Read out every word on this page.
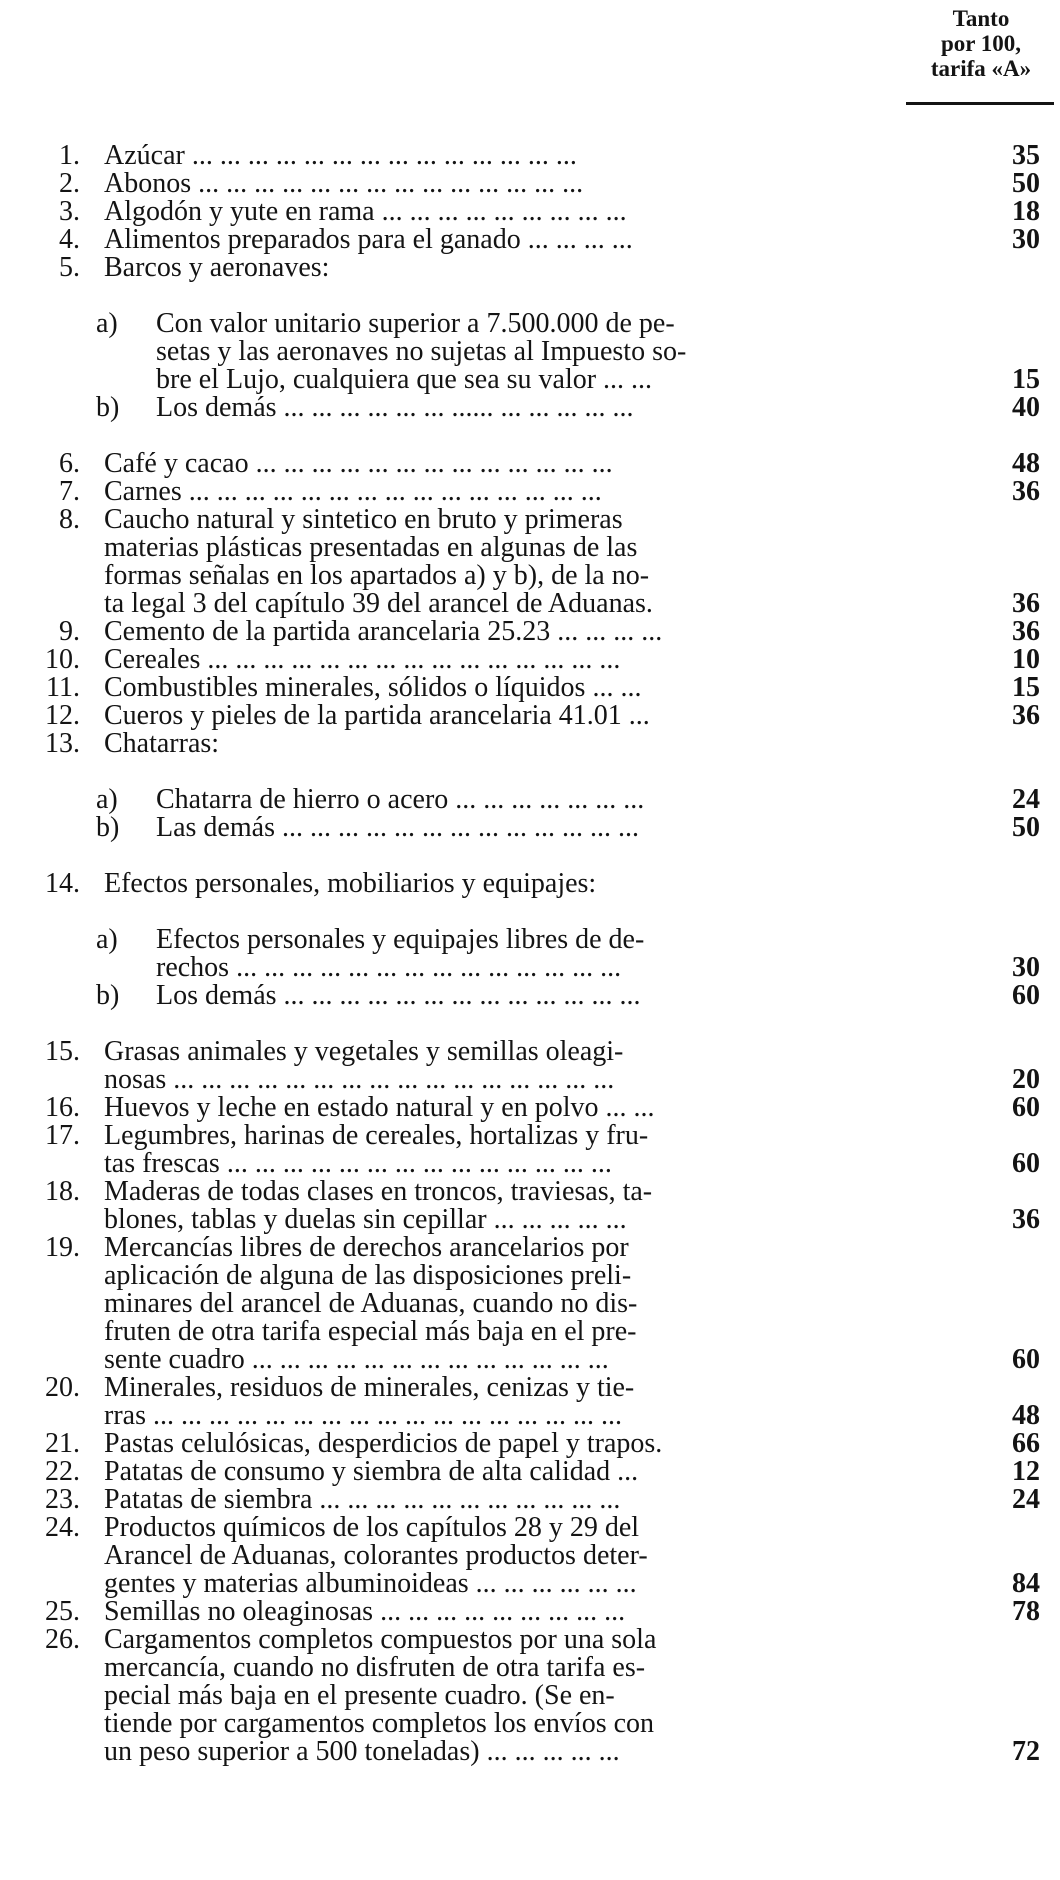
Tanto
por 100,
tarifa «A»
1. Azúcar ... ... ... ... ... ... ... ... ... ... ... ... ... ...	35
2. Abonos ... ... ... ... ... ... ... ... ... ... ... ... ... ...	50
3. Algodón y yute en rama ... ... ... ... ... ... ... ... ...	18
4. Alimentos preparados para el ganado ... ... ... ...	30
5. Barcos y aeronaves:
a)	Con valor unitario superior a 7.500.000 de pe-
setas y las aeronaves no sujetas al Impuesto so-
bre el Lujo, cualquiera que sea su valor ... ...	15
b)	Los demás ... ... ... ... ... ... ...... ... ... ... ... ...	40
6. Café y cacao ... ... ... ... ... ... ... ... ... ... ... ... ...	48
7. Carnes ... ... ... ... ... ... ... ... ... ... ... ... ... ... ...	36
8. Caucho natural y sintetico en bruto y primeras
materias plásticas presentadas en algunas de las
formas señalas en los apartados a) y b), de la no-
ta legal 3 del capítulo 39 del arancel de Aduanas.	36
9. Cemento de la partida arancelaria 25.23 ... ... ... ...	36
10. Cereales ... ... ... ... ... ... ... ... ... ... ... ... ... ... ...	10
11. Combustibles minerales, sólidos o líquidos ... ...	15
12. Cueros y pieles de la partida arancelaria 41.01 ...	36
13. Chatarras:
a)	Chatarra de hierro o acero ... ... ... ... ... ... ...	24
b)	Las demás ... ... ... ... ... ... ... ... ... ... ... ... ...	50
14. Efectos personales, mobiliarios y equipajes:
a)	Efectos personales y equipajes libres de de-
rechos ... ... ... ... ... ... ... ... ... ... ... ... ... ...	30
b)	Los demás ... ... ... ... ... ... ... ... ... ... ... ... ...	60
15. Grasas animales y vegetales y semillas oleagi-
nosas ... ... ... ... ... ... ... ... ... ... ... ... ... ... ... ...	20
16. Huevos y leche en estado natural y en polvo ... ...	60
17. Legumbres, harinas de cereales, hortalizas y fru-
tas frescas ... ... ... ... ... ... ... ... ... ... ... ... ... ...	60
18. Maderas de todas clases en troncos, traviesas, ta-
blones, tablas y duelas sin cepillar ... ... ... ... ...	36
19. Mercancías libres de derechos arancelarios por
aplicación de alguna de las disposiciones preli-
minares del arancel de Aduanas, cuando no dis-
fruten de otra tarifa especial más baja en el pre-
sente cuadro ... ... ... ... ... ... ... ... ... ... ... ... ...	60
20. Minerales, residuos de minerales, cenizas y tie-
rras ... ... ... ... ... ... ... ... ... ... ... ... ... ... ... ... ...	48
21. Pastas celulósicas, desperdicios de papel y trapos.	66
22. Patatas de consumo y siembra de alta calidad ...	12
23. Patatas de siembra ... ... ... ... ... ... ... ... ... ... ...	24
24. Productos químicos de los capítulos 28 y 29 del
Arancel de Aduanas, colorantes productos deter-
gentes y materias albuminoideas ... ... ... ... ... ...	84
25. Semillas no oleaginosas ... ... ... ... ... ... ... ... ...	78
26. Cargamentos completos compuestos por una sola
mercancía, cuando no disfruten de otra tarifa es-
pecial más baja en el presente cuadro. (Se en-
tiende por cargamentos completos los envíos con
un peso superior a 500 toneladas) ... ... ... ... ...	72
